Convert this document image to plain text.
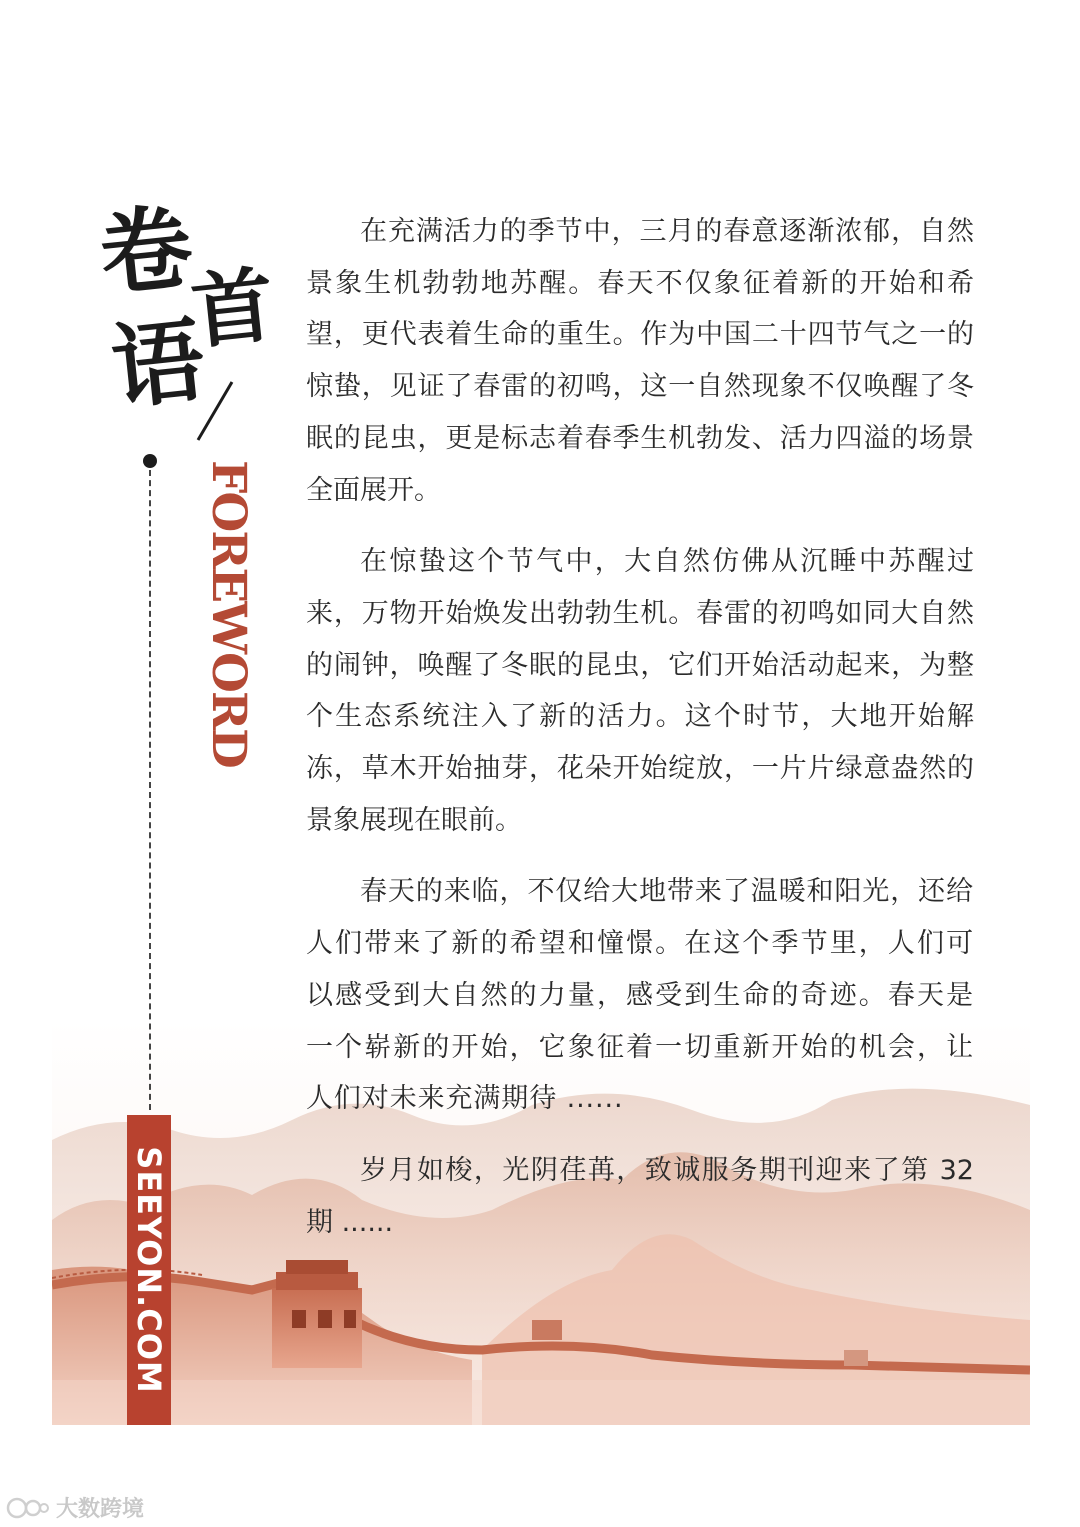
卷
首
语
FOREWORD
SEEYON.COM

在充满活力的季节中，三月的春意逐渐浓郁，自然景象生机勃勃地苏醒。春天不仅象征着新的开始和希望，更代表着生命的重生。作为中国二十四节气之一的惊蛰，见证了春雷的初鸣，这一自然现象不仅唤醒了冬眠的昆虫，更是标志着春季生机勃发、活力四溢的场景全面展开。

在惊蛰这个节气中，大自然仿佛从沉睡中苏醒过来，万物开始焕发出勃勃生机。春雷的初鸣如同大自然的闹钟，唤醒了冬眠的昆虫，它们开始活动起来，为整个生态系统注入了新的活力。这个时节，大地开始解冻，草木开始抽芽，花朵开始绽放，一片片绿意盎然的景象展现在眼前。

春天的来临，不仅给大地带来了温暖和阳光，还给人们带来了新的希望和憧憬。在这个季节里，人们可以感受到大自然的力量，感受到生命的奇迹。春天是一个崭新的开始，它象征着一切重新开始的机会，让人们对未来充满期待 ......

岁月如梭，光阴荏苒，致诚服务期刊迎来了第 32 期 ......

大数跨境
